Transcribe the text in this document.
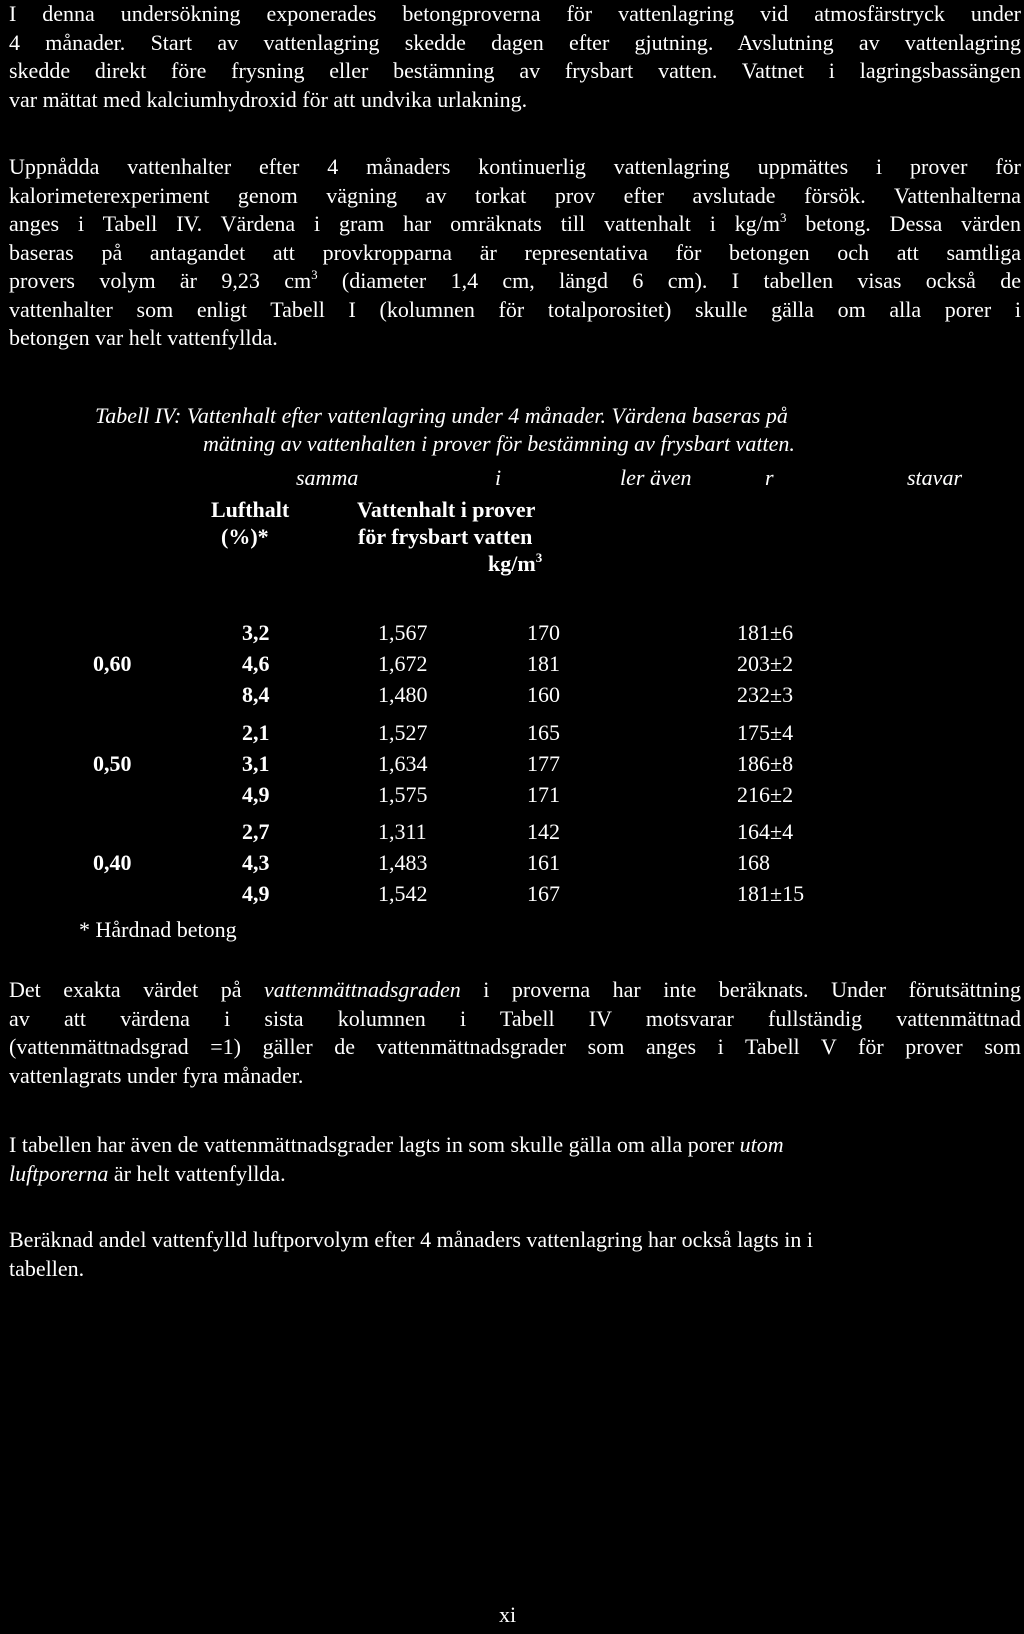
I denna undersökning exponerades betongproverna för vattenlagring vid atmosfärstryck under
4 månader. Start av vattenlagring skedde dagen efter gjutning. Avslutning av vattenlagring
skedde direkt före frysning eller bestämning av frysbart vatten. Vattnet i lagringsbassängen
var mättat med kalciumhydroxid för att undvika urlakning.
Uppnådda vattenhalter efter 4 månaders kontinuerlig vattenlagring uppmättes i prover för
kalorimeterexperiment genom vägning av torkat prov efter avslutade försök. Vattenhalterna
anges i Tabell IV. Värdena i gram har omräknats till vattenhalt i $kg/m^3$ betong. Dessa värden
baseras på antagandet att provkropparna är representativa för betongen och att samtliga
provers volym är 9,23 $cm^3$ (diameter 1,4 cm, längd 6 cm). I tabellen visas också de
vattenhalter som enligt Tabell I (kolumnen för totalporositet) skulle gälla om alla porer i
betongen var helt vattenfyllda.
Tabell IV: Vattenhalt efter vattenlagring under 4 månader. Värdena baseras på
mätning av vattenhalten i prover för bestämning av frysbart vatten.
samma	i	ler även	r	stavar
Lufthalt
(%)*
Vattenhalt i prover
för frysbart vatten
$kg/m^3$
0,60
3,2	1,567	170	181±6
4,6	1,672	181	203±2
8,4	1,480	160	232±3
0,50
2,1	1,527	165	175±4
3,1	1,634	177	186±8
4,9	1,575	171	216±2
0,40
2,7	1,311	142	164±4
4,3	1,483	161	168
4,9	1,542	167	181±15
* Hårdnad betong
Det exakta värdet på vattenmättnadsgraden i proverna har inte beräknats. Under förutsättning
av att värdena i sista kolumnen i Tabell IV motsvarar fullständig vattenmättnad
(vattenmättnadsgrad =1) gäller de vattenmättnadsgrader som anges i Tabell V för prover som
vattenlagrats under fyra månader.
I tabellen har även de vattenmättnadsgrader lagts in som skulle gälla om alla porer utom
luftporerna är helt vattenfyllda.
Beräknad andel vattenfylld luftporvolym efter 4 månaders vattenlagring har också lagts in i
tabellen.
xi
